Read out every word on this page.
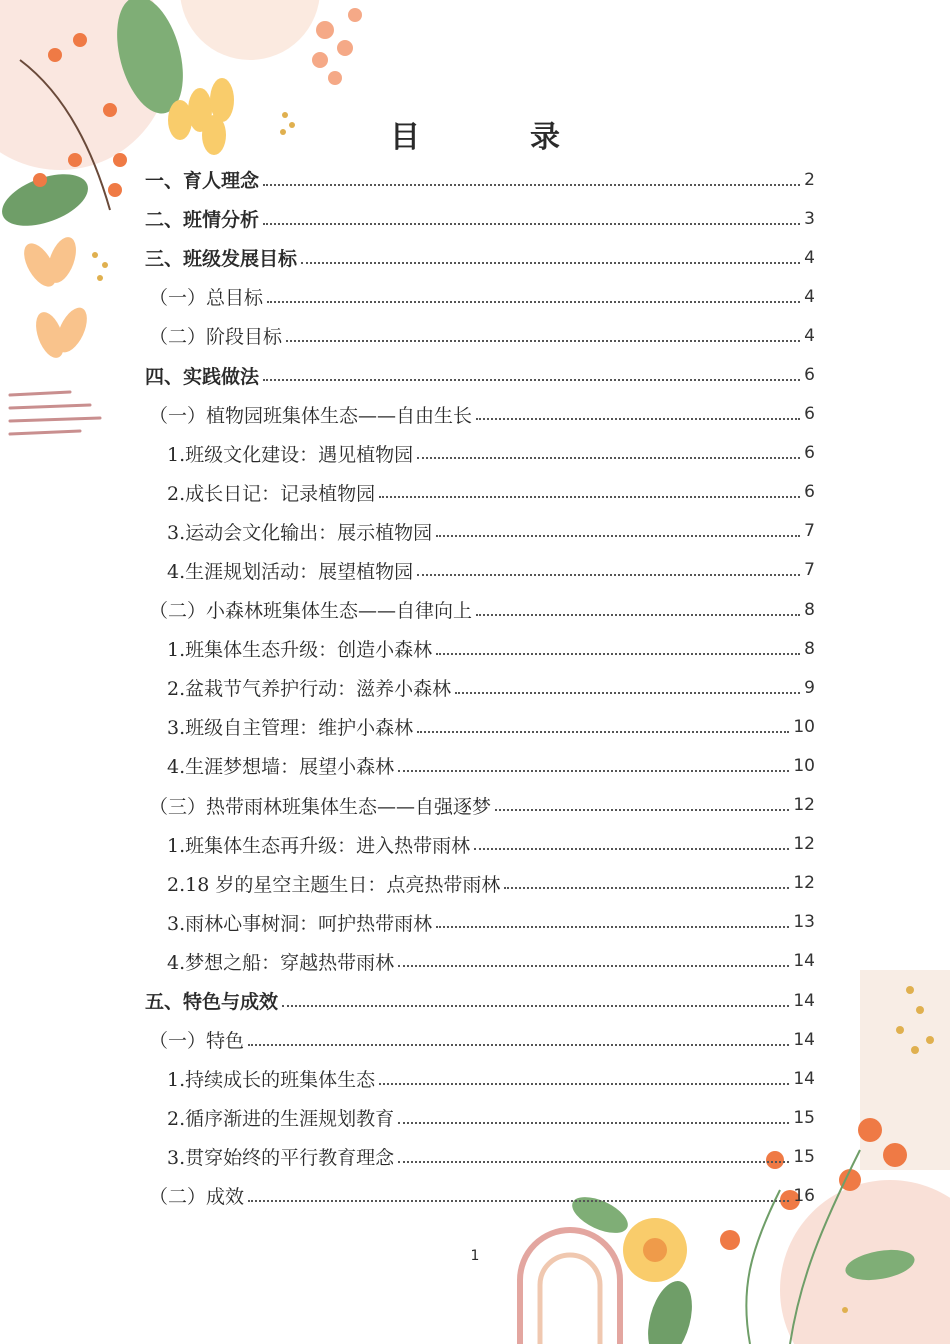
目　录
一、育人理念	2
二、班情分析	3
三、班级发展目标	4
（一）总目标	4
（二）阶段目标	4
四、实践做法	6
（一）植物园班集体生态——自由生长	6
1.班级文化建设：遇见植物园	6
2.成长日记：记录植物园	6
3.运动会文化输出：展示植物园	7
4.生涯规划活动：展望植物园	7
（二）小森林班集体生态——自律向上	8
1.班集体生态升级：创造小森林	8
2.盆栽节气养护行动：滋养小森林	9
3.班级自主管理：维护小森林	10
4.生涯梦想墙：展望小森林	10
（三）热带雨林班集体生态——自强逐梦	12
1.班集体生态再升级：进入热带雨林	12
2.18 岁的星空主题生日：点亮热带雨林	12
3.雨林心事树洞：呵护热带雨林	13
4.梦想之船：穿越热带雨林	14
五、特色与成效	14
（一）特色	14
1.持续成长的班集体生态	14
2.循序渐进的生涯规划教育	15
3.贯穿始终的平行教育理念	15
（二）成效	16
1
